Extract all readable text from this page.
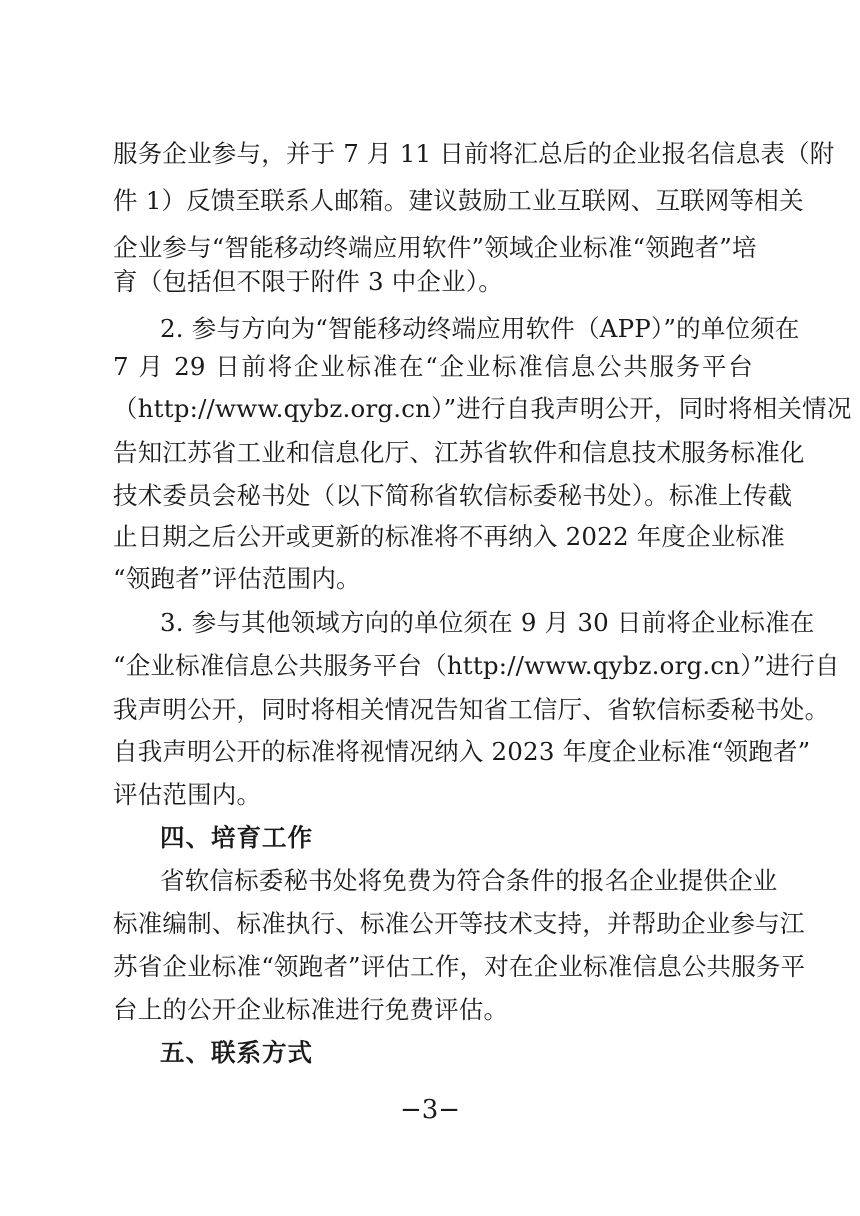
服务企业参与，并于 7 月 11 日前将汇总后的企业报名信息表（附
件 1）反馈至联系人邮箱。建议鼓励工业互联网、互联网等相关
企业参与“智能移动终端应用软件”领域企业标准“领跑者”培
育（包括但不限于附件 3 中企业）。
2. 参与方向为“智能移动终端应用软件（APP）”的单位须在
7 月 29 日前将企业标准在“企业标准信息公共服务平台
（http://www.qybz.org.cn）”进行自我声明公开，同时将相关情况
告知江苏省工业和信息化厅、江苏省软件和信息技术服务标准化
技术委员会秘书处（以下简称省软信标委秘书处）。标准上传截
止日期之后公开或更新的标准将不再纳入 2022 年度企业标准
“领跑者”评估范围内。
3. 参与其他领域方向的单位须在 9 月 30 日前将企业标准在
“企业标准信息公共服务平台（http://www.qybz.org.cn）”进行自
我声明公开，同时将相关情况告知省工信厅、省软信标委秘书处。
自我声明公开的标准将视情况纳入 2023 年度企业标准“领跑者”
评估范围内。
四、培育工作
省软信标委秘书处将免费为符合条件的报名企业提供企业
标准编制、标准执行、标准公开等技术支持，并帮助企业参与江
苏省企业标准“领跑者”评估工作，对在企业标准信息公共服务平
台上的公开企业标准进行免费评估。
五、联系方式
−3−
